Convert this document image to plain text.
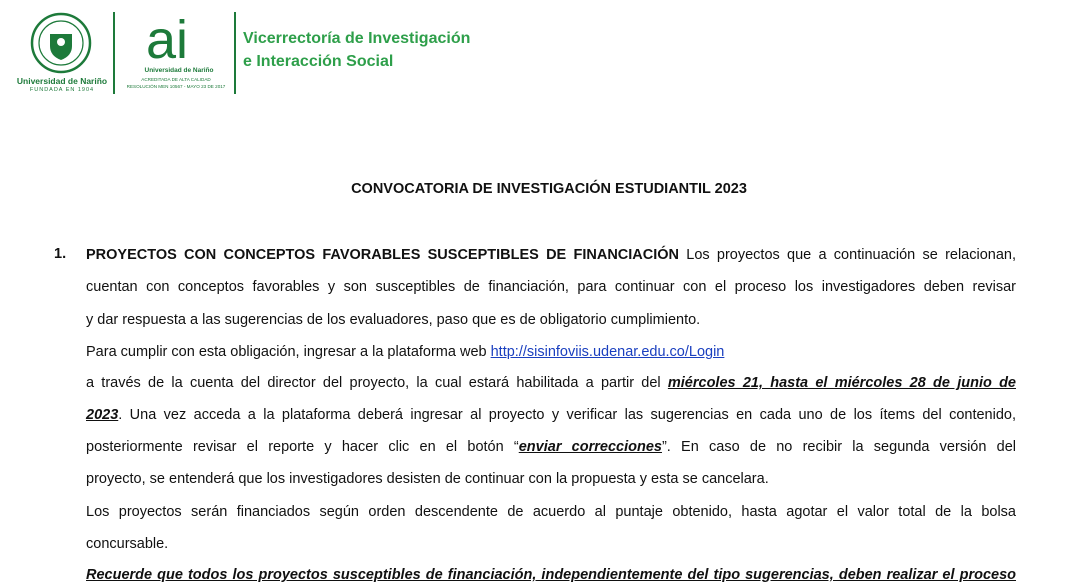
Universidad de Nariño
FUNDADA EN 1904
ai
Universidad de Nariño
ACREDITADA DE ALTA CALIDAD
RESOLUCIÓN MEN 10567 - MAYO 23 DE 2017
Vicerrectoría de Investigación
e Interacción Social
CONVOCATORIA DE INVESTIGACIÓN ESTUDIANTIL 2023
1. PROYECTOS CON CONCEPTOS FAVORABLES SUSCEPTIBLES DE FINANCIACIÓN Los proyectos que a continuación se relacionan,
cuentan con conceptos favorables y son susceptibles de financiación, para continuar con el proceso los investigadores deben revisar
y dar respuesta a las sugerencias de los evaluadores, paso que es de obligatorio cumplimiento.
Para cumplir con esta obligación, ingresar a la plataforma web http://sisinfoviis.udenar.edu.co/Login
a través de la cuenta del director del proyecto, la cual estará habilitada a partir del miércoles 21, hasta el miércoles 28 de junio de
2023. Una vez acceda a la plataforma deberá ingresar al proyecto y verificar las sugerencias en cada uno de los ítems del contenido,
posteriormente revisar el reporte y hacer clic en el botón “enviar correcciones”. En caso de no recibir la segunda versión del
proyecto, se entenderá que los investigadores desisten de continuar con la propuesta y esta se cancelara.
Los proyectos serán financiados según orden descendente de acuerdo al puntaje obtenido, hasta agotar el valor total de la bolsa
concursable.
Recuerde que todos los proyectos susceptibles de financiación, independientemente del tipo sugerencias, deben realizar el proceso
